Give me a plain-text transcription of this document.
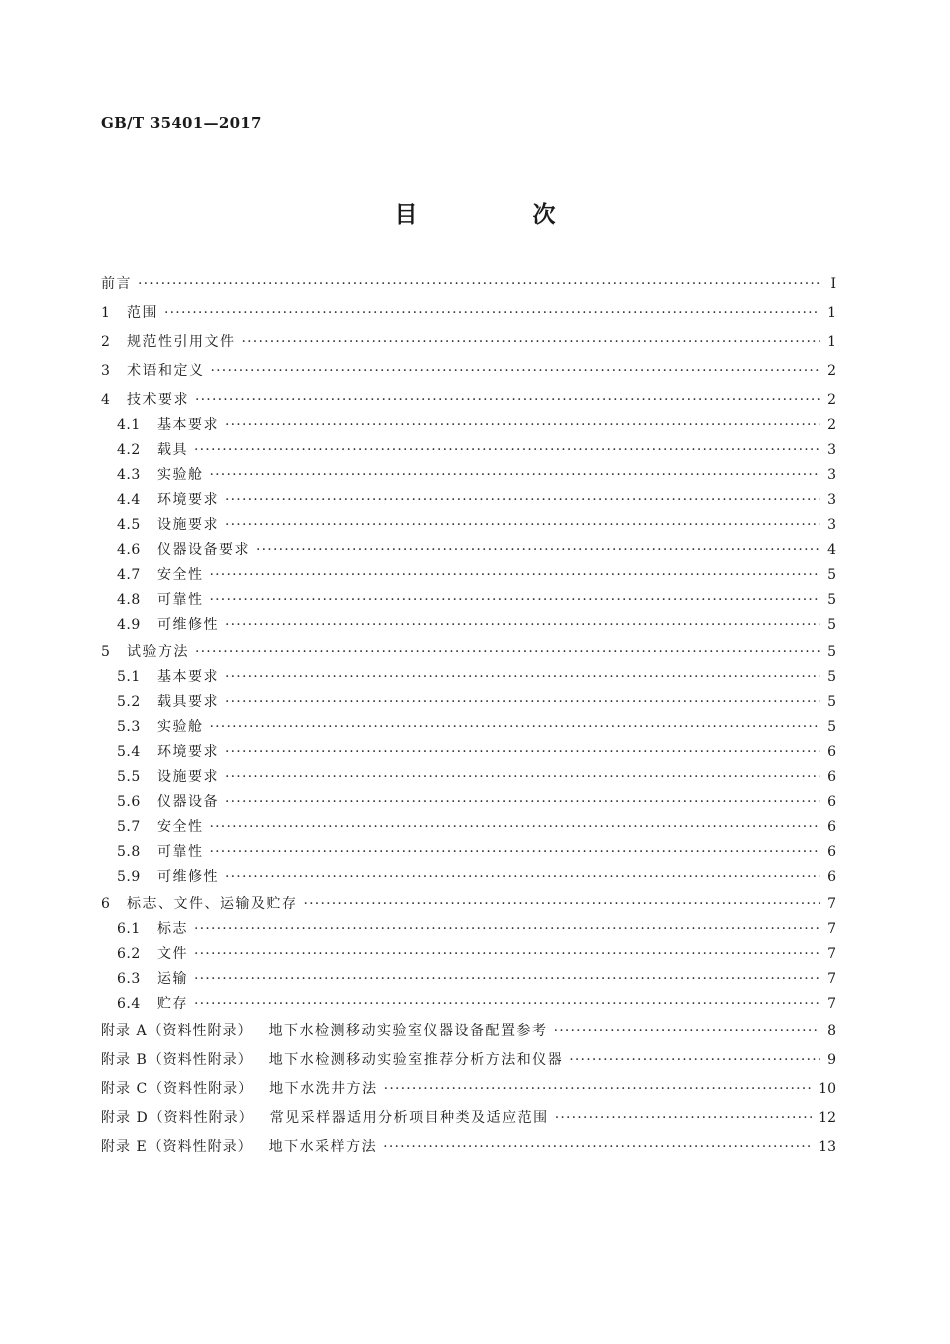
GB/T 35401—2017
目　次
前言 ·····	Ⅰ
1	范围 ·····	1
2	规范性引用文件 ·····	1
3	术语和定义 ·····	2
4	技术要求 ·····	2
4.1	基本要求 ·····	2
4.2	载具 ·····	3
4.3	实验舱 ·····	3
4.4	环境要求 ·····	3
4.5	设施要求 ·····	3
4.6	仪器设备要求 ·····	4
4.7	安全性 ·····	5
4.8	可靠性 ·····	5
4.9	可维修性 ·····	5
5	试验方法 ·····	5
5.1	基本要求 ·····	5
5.2	载具要求 ·····	5
5.3	实验舱 ·····	5
5.4	环境要求 ·····	6
5.5	设施要求 ·····	6
5.6	仪器设备 ·····	6
5.7	安全性 ·····	6
5.8	可靠性 ·····	6
5.9	可维修性 ·····	6
6	标志、文件、运输及贮存 ·····	7
6.1	标志 ·····	7
6.2	文件 ·····	7
6.3	运输 ·····	7
6.4	贮存 ·····	7
附录 A（资料性附录）	地下水检测移动实验室仪器设备配置参考 ·····	8
附录 B（资料性附录）	地下水检测移动实验室推荐分析方法和仪器 ·····	9
附录 C（资料性附录）	地下水洗井方法 ·····	10
附录 D（资料性附录）	常见采样器适用分析项目种类及适应范围 ·····	12
附录 E（资料性附录）	地下水采样方法 ·····	13
